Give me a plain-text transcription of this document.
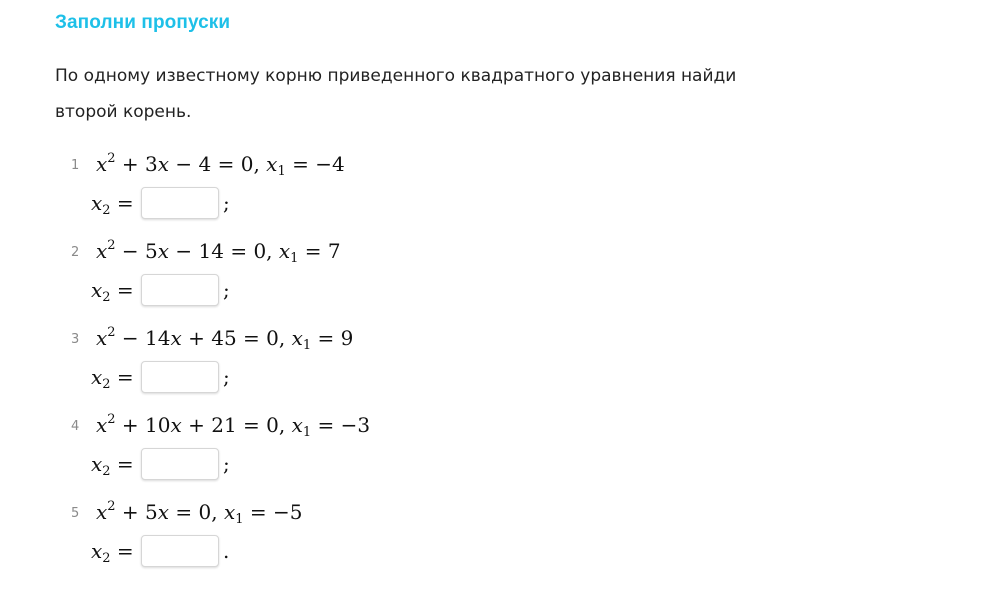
Заполни пропуски
По одному известному корню приведенного квадратного уравнения найди второй корень.
1 $x^2 + 3x - 4 = 0$, $x_1 = -4$
$x_2$ =	;
2 $x^2 - 5x - 14 = 0$, $x_1 = 7$
$x_2$ =	;
3 $x^2 - 14x + 45 = 0$, $x_1 = 9$
$x_2$ =	;
4 $x^2 + 10x + 21 = 0$, $x_1 = -3$
$x_2$ =	;
5 $x^2 + 5x = 0$, $x_1 = -5$
$x_2$ =	.
